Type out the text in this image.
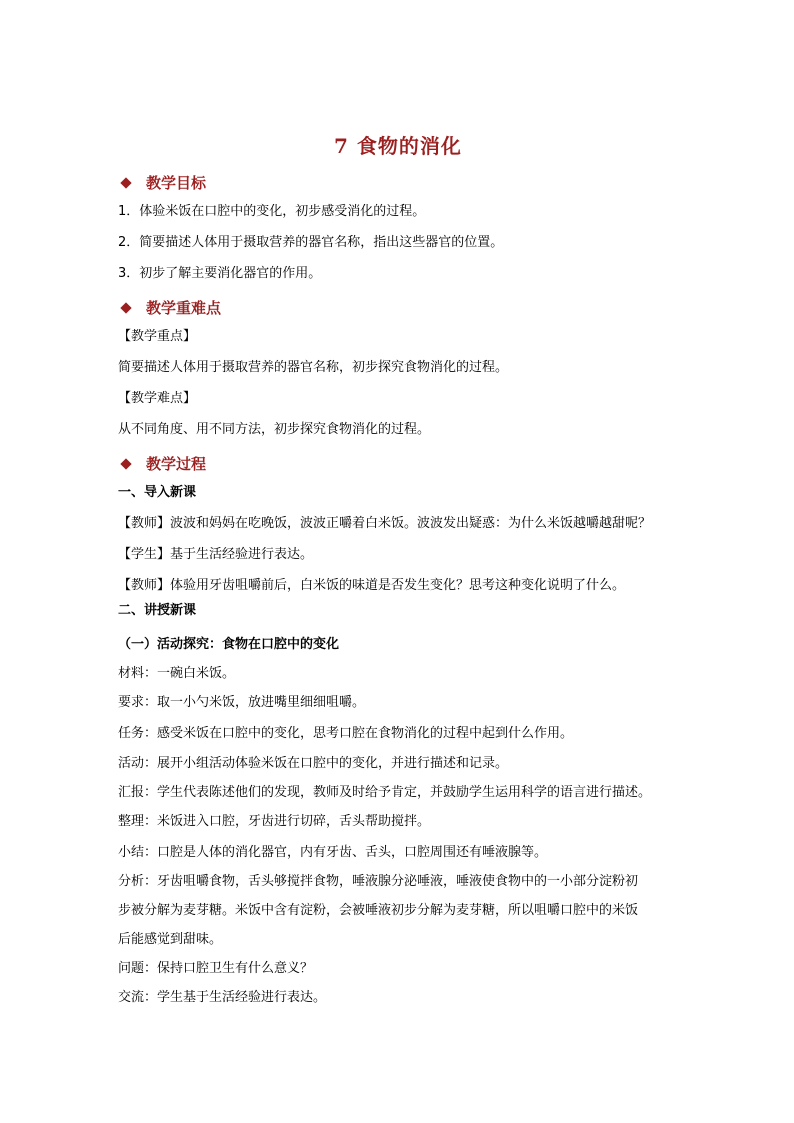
7 食物的消化
教学目标
1．体验米饭在口腔中的变化，初步感受消化的过程。
2．简要描述人体用于摄取营养的器官名称，指出这些器官的位置。
3．初步了解主要消化器官的作用。
教学重难点
【教学重点】
简要描述人体用于摄取营养的器官名称，初步探究食物消化的过程。
【教学难点】
从不同角度、用不同方法，初步探究食物消化的过程。
教学过程
一、导入新课
【教师】波波和妈妈在吃晚饭，波波正嚼着白米饭。波波发出疑惑：为什么米饭越嚼越甜呢？
【学生】基于生活经验进行表达。
【教师】体验用牙齿咀嚼前后，白米饭的味道是否发生变化？思考这种变化说明了什么。
二、讲授新课
（一）活动探究：食物在口腔中的变化
材料：一碗白米饭。
要求：取一小勺米饭，放进嘴里细细咀嚼。
任务：感受米饭在口腔中的变化，思考口腔在食物消化的过程中起到什么作用。
活动：展开小组活动体验米饭在口腔中的变化，并进行描述和记录。
汇报：学生代表陈述他们的发现，教师及时给予肯定，并鼓励学生运用科学的语言进行描述。
整理：米饭进入口腔，牙齿进行切碎，舌头帮助搅拌。
小结：口腔是人体的消化器官，内有牙齿、舌头，口腔周围还有唾液腺等。
分析：牙齿咀嚼食物，舌头够搅拌食物，唾液腺分泌唾液，唾液使食物中的一小部分淀粉初
步被分解为麦芽糖。米饭中含有淀粉，会被唾液初步分解为麦芽糖，所以咀嚼口腔中的米饭
后能感觉到甜味。
问题：保持口腔卫生有什么意义？
交流：学生基于生活经验进行表达。
